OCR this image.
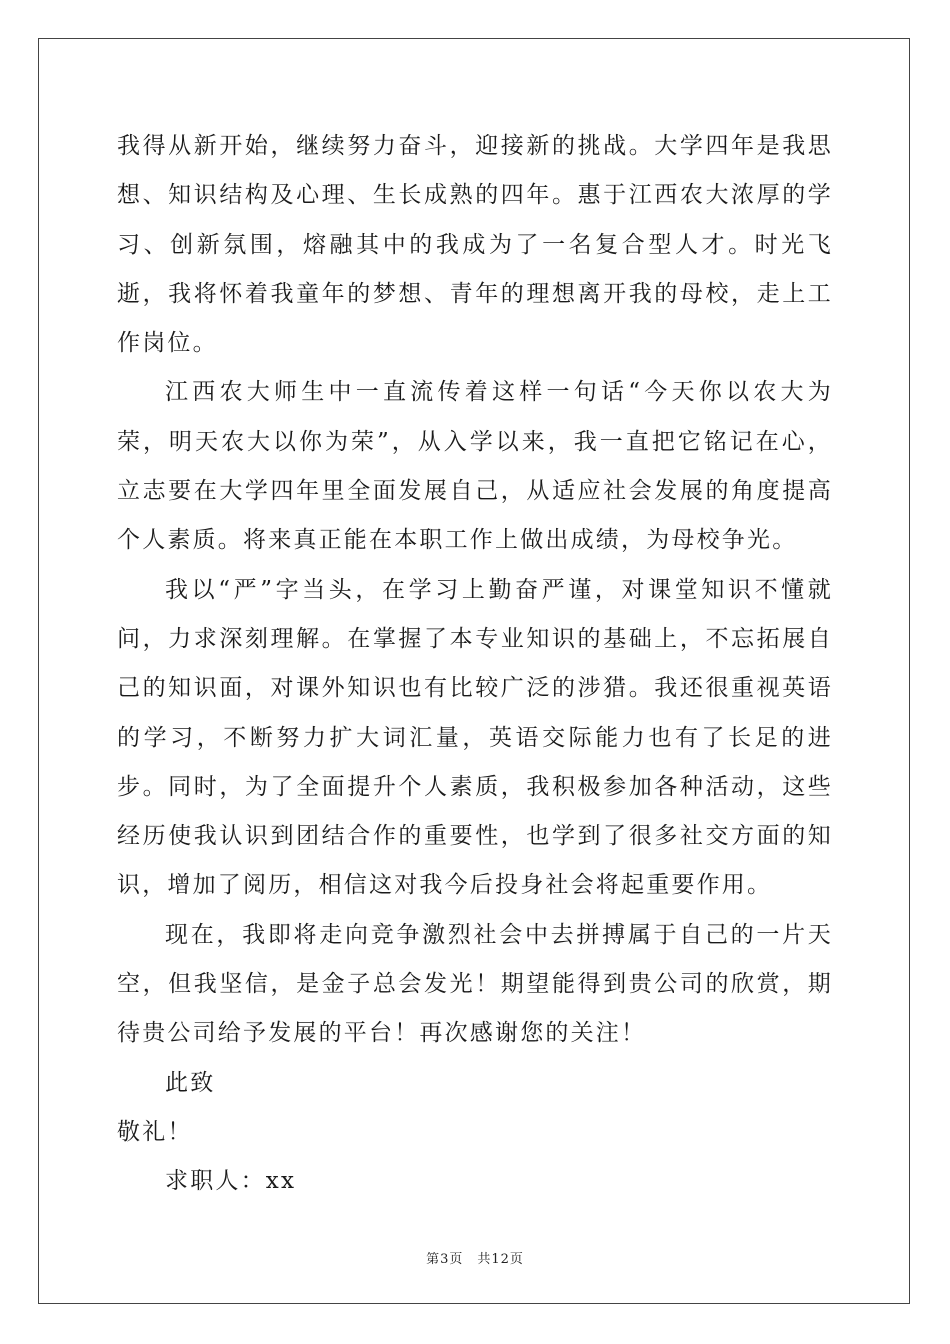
我得从新开始，继续努力奋斗，迎接新的挑战。大学四年是我思想、知识结构及心理、生长成熟的四年。惠于江西农大浓厚的学习、创新氛围，熔融其中的我成为了一名复合型人才。时光飞逝，我将怀着我童年的梦想、青年的理想离开我的母校，走上工作岗位。

江西农大师生中一直流传着这样一句话“今天你以农大为荣，明天农大以你为荣”，从入学以来，我一直把它铭记在心，立志要在大学四年里全面发展自己，从适应社会发展的角度提高个人素质。将来真正能在本职工作上做出成绩，为母校争光。

我以“严”字当头，在学习上勤奋严谨，对课堂知识不懂就问，力求深刻理解。在掌握了本专业知识的基础上，不忘拓展自己的知识面，对课外知识也有比较广泛的涉猎。我还很重视英语的学习，不断努力扩大词汇量，英语交际能力也有了长足的进步。同时，为了全面提升个人素质，我积极参加各种活动，这些经历使我认识到团结合作的重要性，也学到了很多社交方面的知识，增加了阅历，相信这对我今后投身社会将起重要作用。

现在，我即将走向竞争激烈社会中去拼搏属于自己的一片天空，但我坚信，是金子总会发光！期望能得到贵公司的欣赏，期待贵公司给予发展的平台！再次感谢您的关注！

此致

敬礼！

求职人：xx

第3页 共12页
